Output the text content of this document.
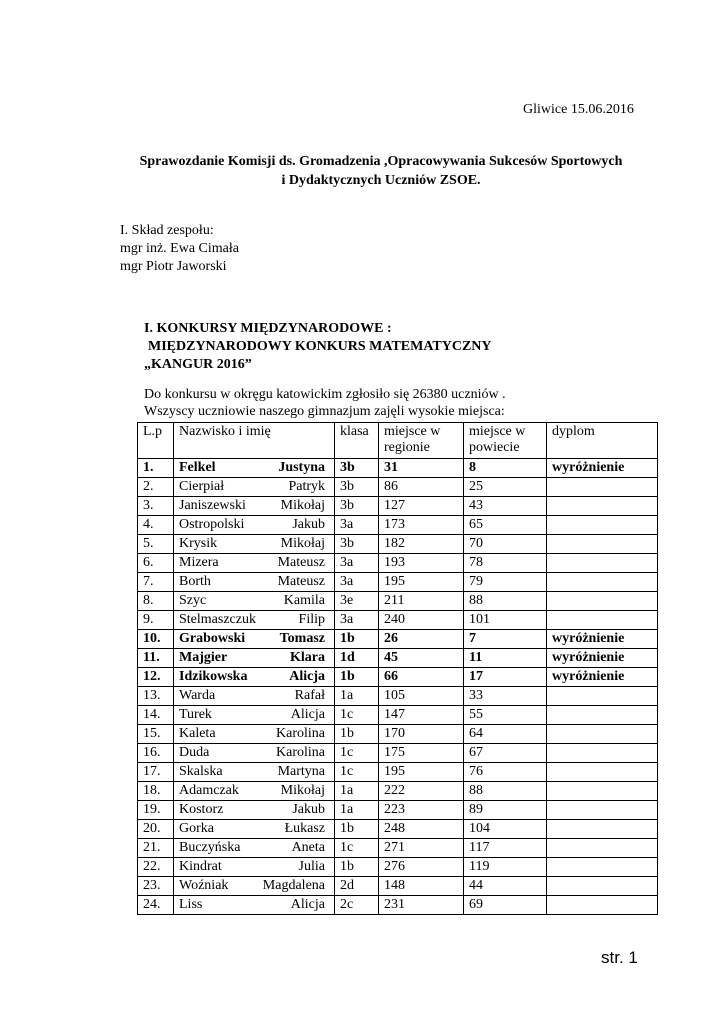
Gliwice 15.06.2016
Sprawozdanie Komisji ds. Gromadzenia ,Opracowywania Sukcesów Sportowych
i Dydaktycznych Uczniów ZSOE.
I. Skład zespołu:
mgr inż. Ewa Cimała
mgr Piotr Jaworski
I. KONKURSY MIĘDZYNARODOWE :
MIĘDZYNARODOWY KONKURS MATEMATYCZNY
„KANGUR 2016”
Do konkursu w okręgu katowickim zgłosiło się 26380 uczniów .
Wszyscy uczniowie naszego gimnazjum zajęli wysokie miejsca:
L.p	Nazwisko i imię	klasa	miejsce w regionie	miejsce w powiecie	dyplom
1.	Felkel Justyna	3b	31	8	wyróżnienie
2.	Cierpiał Patryk	3b	86	25	
3.	Janiszewski Mikołaj	3b	127	43	
4.	Ostropolski Jakub	3a	173	65	
5.	Krysik Mikołaj	3b	182	70	
6.	Mizera Mateusz	3a	193	78	
7.	Borth Mateusz	3a	195	79	
8.	Szyc Kamila	3e	211	88	
9.	Stelmaszczuk Filip	3a	240	101	
10.	Grabowski Tomasz	1b	26	7	wyróżnienie
11.	Majgier Klara	1d	45	11	wyróżnienie
12.	Idzikowska Alicja	1b	66	17	wyróżnienie
13.	Warda Rafał	1a	105	33	
14.	Turek Alicja	1c	147	55	
15.	Kaleta Karolina	1b	170	64	
16.	Duda Karolina	1c	175	67	
17.	Skalska Martyna	1c	195	76	
18.	Adamczak Mikołaj	1a	222	88	
19.	Kostorz Jakub	1a	223	89	
20.	Gorka Łukasz	1b	248	104	
21.	Buczyńska Aneta	1c	271	117	
22.	Kindrat Julia	1b	276	119	
23.	Woźniak Magdalena	2d	148	44	
24.	Liss Alicja	2c	231	69	
str. 1
